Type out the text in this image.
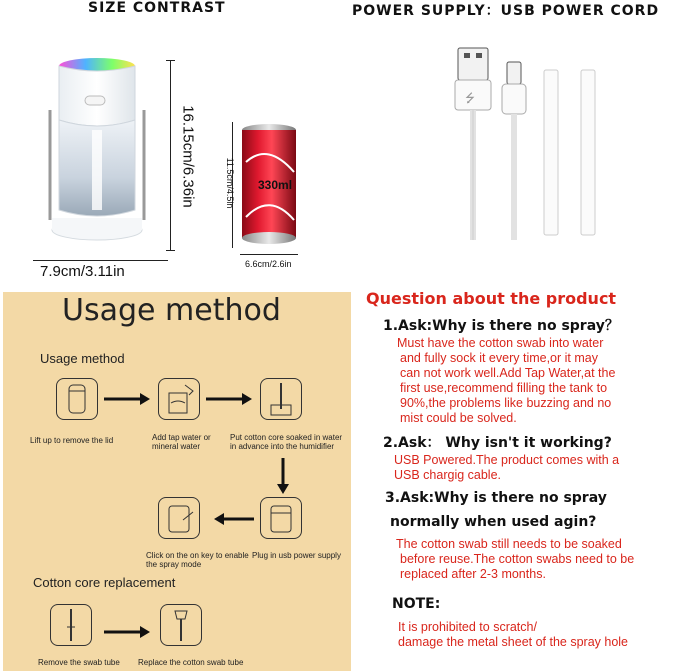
SIZE CONTRAST
16.15cm/6.36in
7.9cm/3.11in
330ml
11.5cm/4.5in
6.6cm/2.6in
POWER SUPPLY：USB POWER CORD
⭍
Usage method
Usage method
Lift up to remove the lid	Add tap water or mineral water
Put cotton core soaked in water in advance into the humidifier
Plug in usb power supply
Click on the on key to enable the spray mode
Cotton core replacement
Remove the swab tube	Replace the cotton swab tube
Question about the product
1.Ask:Why is there no spray？
Must have the cotton swab into water
and fully sock it every time,or it may
can not work well.Add Tap Water,at the
first use,recommend filling the tank to
90%,the problems like buzzing and no
mist could be solved.
2.Ask： Why isn't it working?
USB Powered.The product comes with a
USB chargig cable.
3.Ask:Why is there no spray
normally when used agin?
The cotton swab still needs to be soaked
before reuse.The cotton swabs need to be
replaced after 2-3 months.
NOTE:
It is prohibited to scratch/
damage the metal sheet of the spray hole
